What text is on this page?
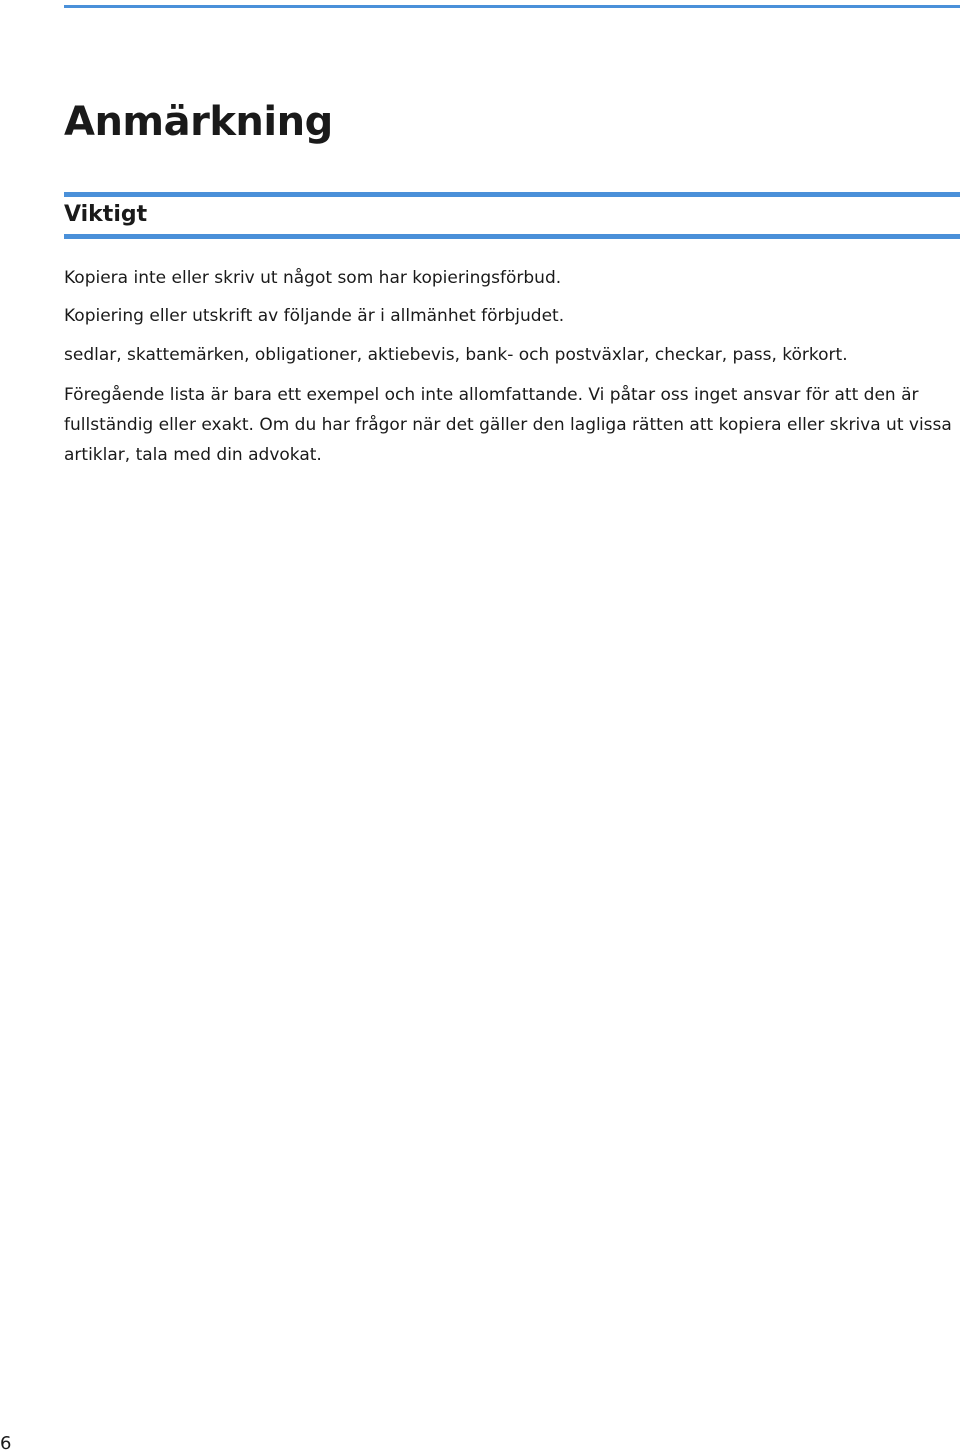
Anmärkning
Viktigt

Kopiera inte eller skriv ut något som har kopieringsförbud.

Kopiering eller utskrift av följande är i allmänhet förbjudet.

sedlar, skattemärken, obligationer, aktiebevis, bank- och postväxlar, checkar, pass, körkort.

Föregående lista är bara ett exempel och inte allomfattande. Vi påtar oss inget ansvar för att den är fullständig eller exakt. Om du har frågor när det gäller den lagliga rätten att kopiera eller skriva ut vissa artiklar, tala med din advokat.

6
